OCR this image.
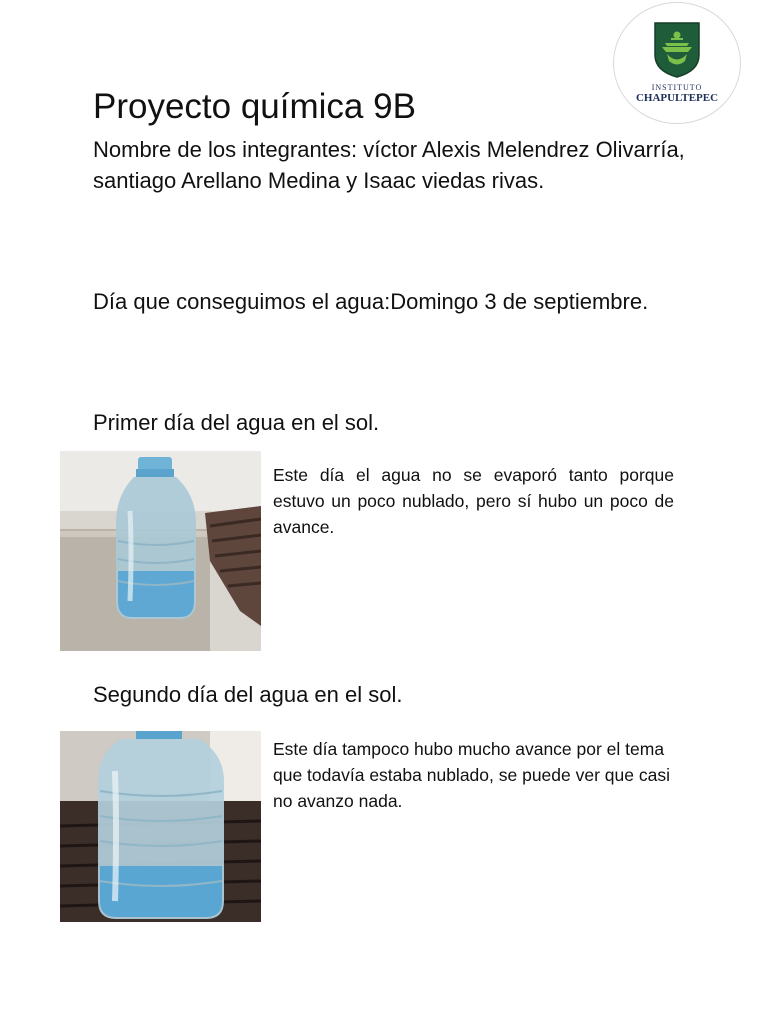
INSTITUTO
CHAPULTEPEC
Proyecto química 9B

Nombre de los integrantes: víctor Alexis Melendrez Olivarría, santiago Arellano Medina y Isaac viedas rivas.

Día que conseguimos el agua:Domingo 3 de septiembre.

Primer día del agua en el sol.

Este día el agua no se evaporó tanto porque estuvo un poco nublado, pero sí hubo un poco de avance.

Segundo día del agua en el sol.

Este día tampoco hubo mucho avance por el tema que todavía estaba nublado, se puede ver que casi no avanzo nada.
